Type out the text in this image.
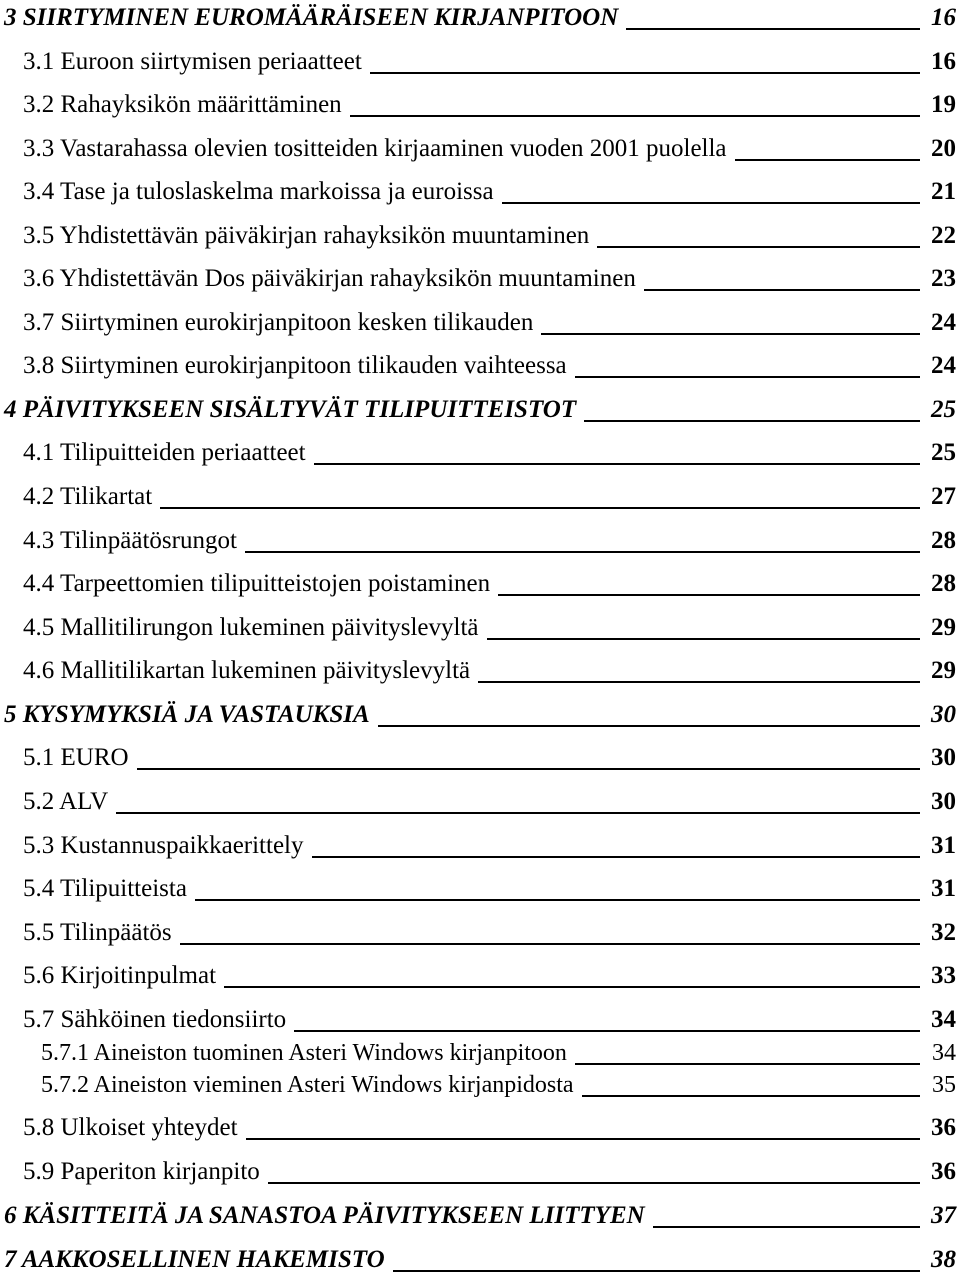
3 SIIRTYMINEN EUROMÄÄRÄISEEN KIRJANPITOON	16
3.1 Euroon siirtymisen periaatteet	16
3.2 Rahayksikön määrittäminen	19
3.3 Vastarahassa olevien tositteiden kirjaaminen vuoden 2001 puolella	20
3.4 Tase ja tuloslaskelma markoissa ja euroissa	21
3.5 Yhdistettävän päiväkirjan rahayksikön muuntaminen	22
3.6 Yhdistettävän Dos päiväkirjan rahayksikön muuntaminen	23
3.7 Siirtyminen eurokirjanpitoon kesken tilikauden	24
3.8 Siirtyminen eurokirjanpitoon tilikauden vaihteessa	24
4 PÄIVITYKSEEN SISÄLTYVÄT TILIPUITTEISTOT	25
4.1 Tilipuitteiden periaatteet	25
4.2 Tilikartat	27
4.3 Tilinpäätösrungot	28
4.4 Tarpeettomien tilipuitteistojen poistaminen	28
4.5 Mallitilirungon lukeminen päivityslevyltä	29
4.6 Mallitilikartan lukeminen päivityslevyltä	29
5 KYSYMYKSIÄ JA VASTAUKSIA	30
5.1 EURO	30
5.2 ALV	30
5.3 Kustannuspaikkaerittely	31
5.4 Tilipuitteista	31
5.5 Tilinpäätös	32
5.6 Kirjoitinpulmat	33
5.7 Sähköinen tiedonsiirto	34
5.7.1 Aineiston tuominen Asteri Windows kirjanpitoon	34
5.7.2 Aineiston vieminen Asteri Windows kirjanpidosta	35
5.8 Ulkoiset yhteydet	36
5.9 Paperiton kirjanpito	36
6 KÄSITTEITÄ JA SANASTOA PÄIVITYKSEEN LIITTYEN	37
7 AAKKOSELLINEN HAKEMISTO	38
